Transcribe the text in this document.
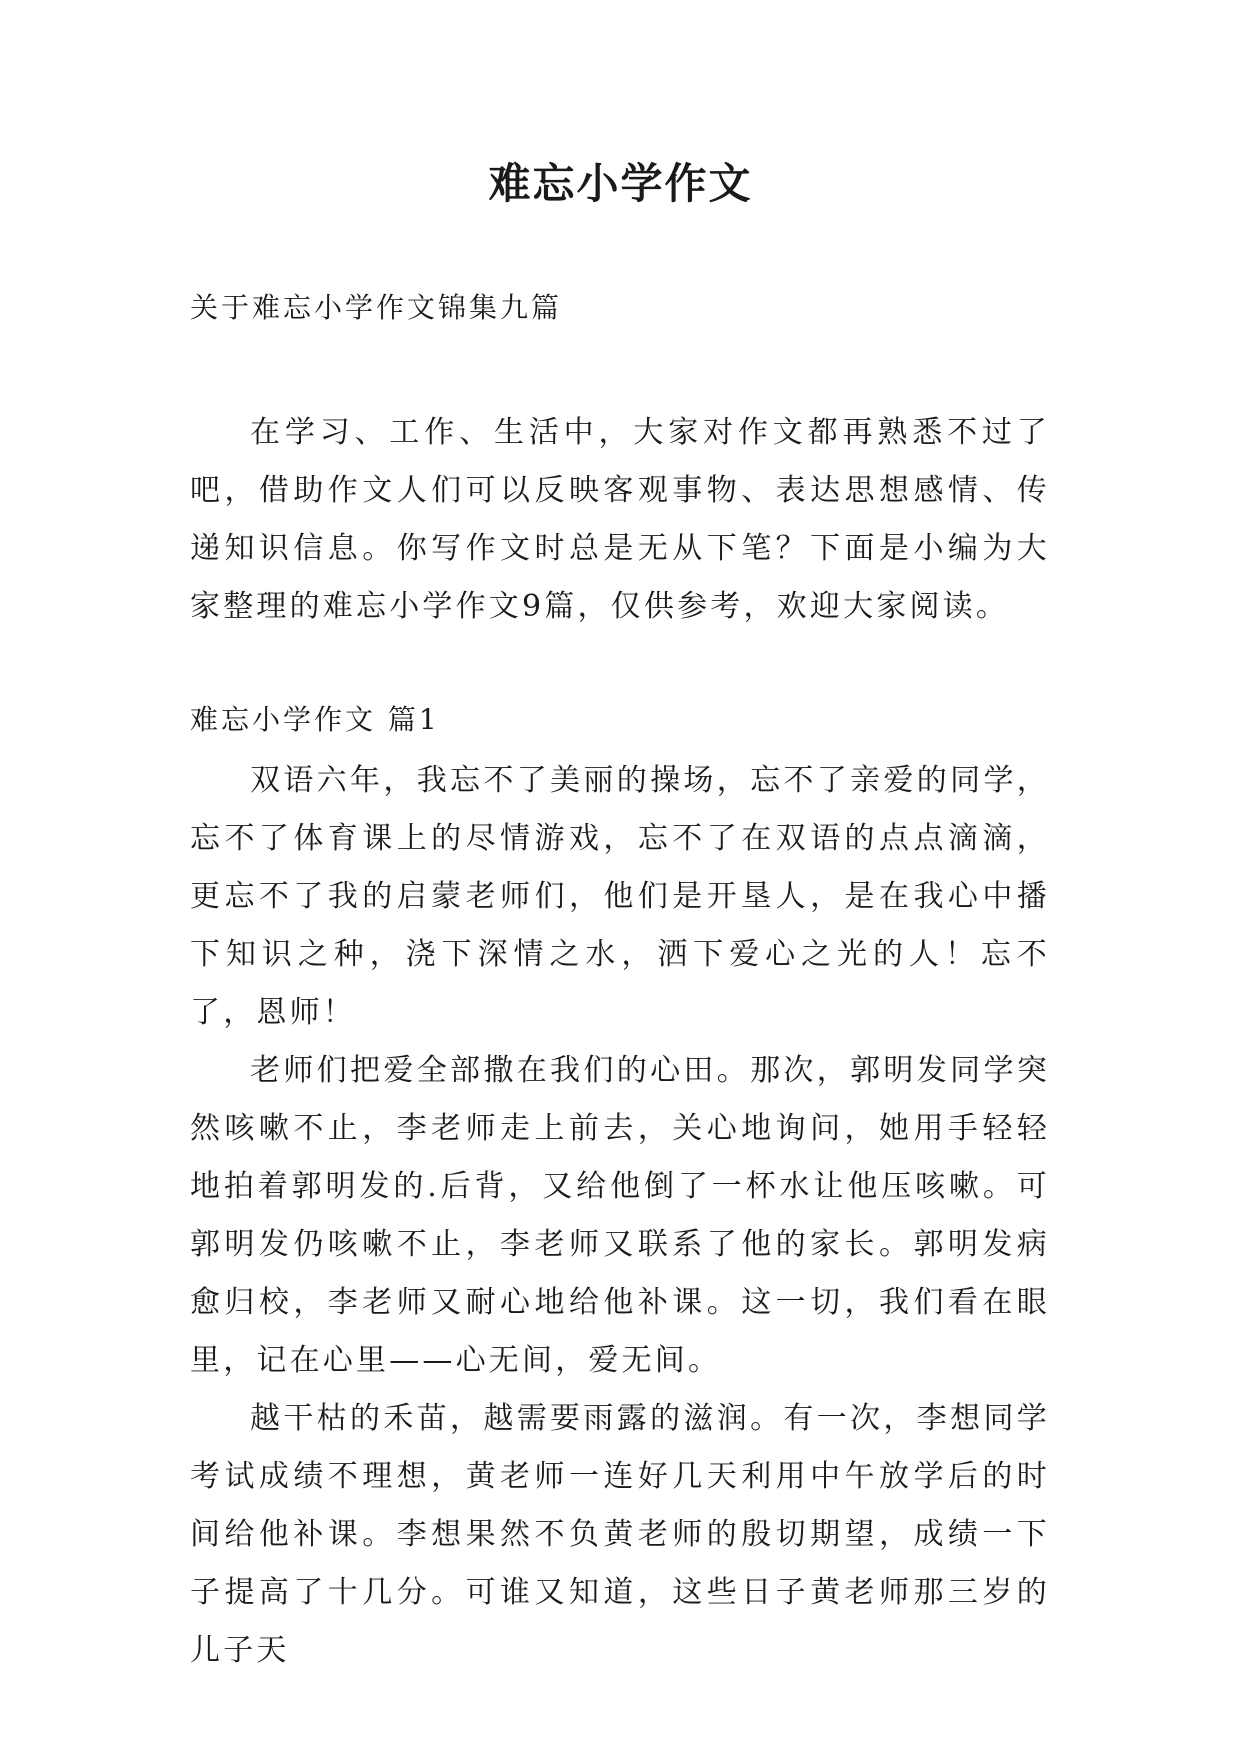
难忘小学作文
关于难忘小学作文锦集九篇

在学习、工作、生活中，大家对作文都再熟悉不过了吧，借助作文人们可以反映客观事物、表达思想感情、传递知识信息。你写作文时总是无从下笔？下面是小编为大家整理的难忘小学作文9篇，仅供参考，欢迎大家阅读。

难忘小学作文 篇1

双语六年，我忘不了美丽的操场，忘不了亲爱的同学，忘不了体育课上的尽情游戏，忘不了在双语的点点滴滴，更忘不了我的启蒙老师们，他们是开垦人，是在我心中播下知识之种，浇下深情之水，洒下爱心之光的人！忘不了，恩师！

老师们把爱全部撒在我们的心田。那次，郭明发同学突然咳嗽不止，李老师走上前去，关心地询问，她用手轻轻地拍着郭明发的.后背，又给他倒了一杯水让他压咳嗽。可郭明发仍咳嗽不止，李老师又联系了他的家长。郭明发病愈归校，李老师又耐心地给他补课。这一切，我们看在眼里，记在心里——心无间，爱无间。

越干枯的禾苗，越需要雨露的滋润。有一次，李想同学考试成绩不理想，黄老师一连好几天利用中午放学后的时间给他补课。李想果然不负黄老师的殷切期望，成绩一下子提高了十几分。可谁又知道，这些日子黄老师那三岁的儿子天
